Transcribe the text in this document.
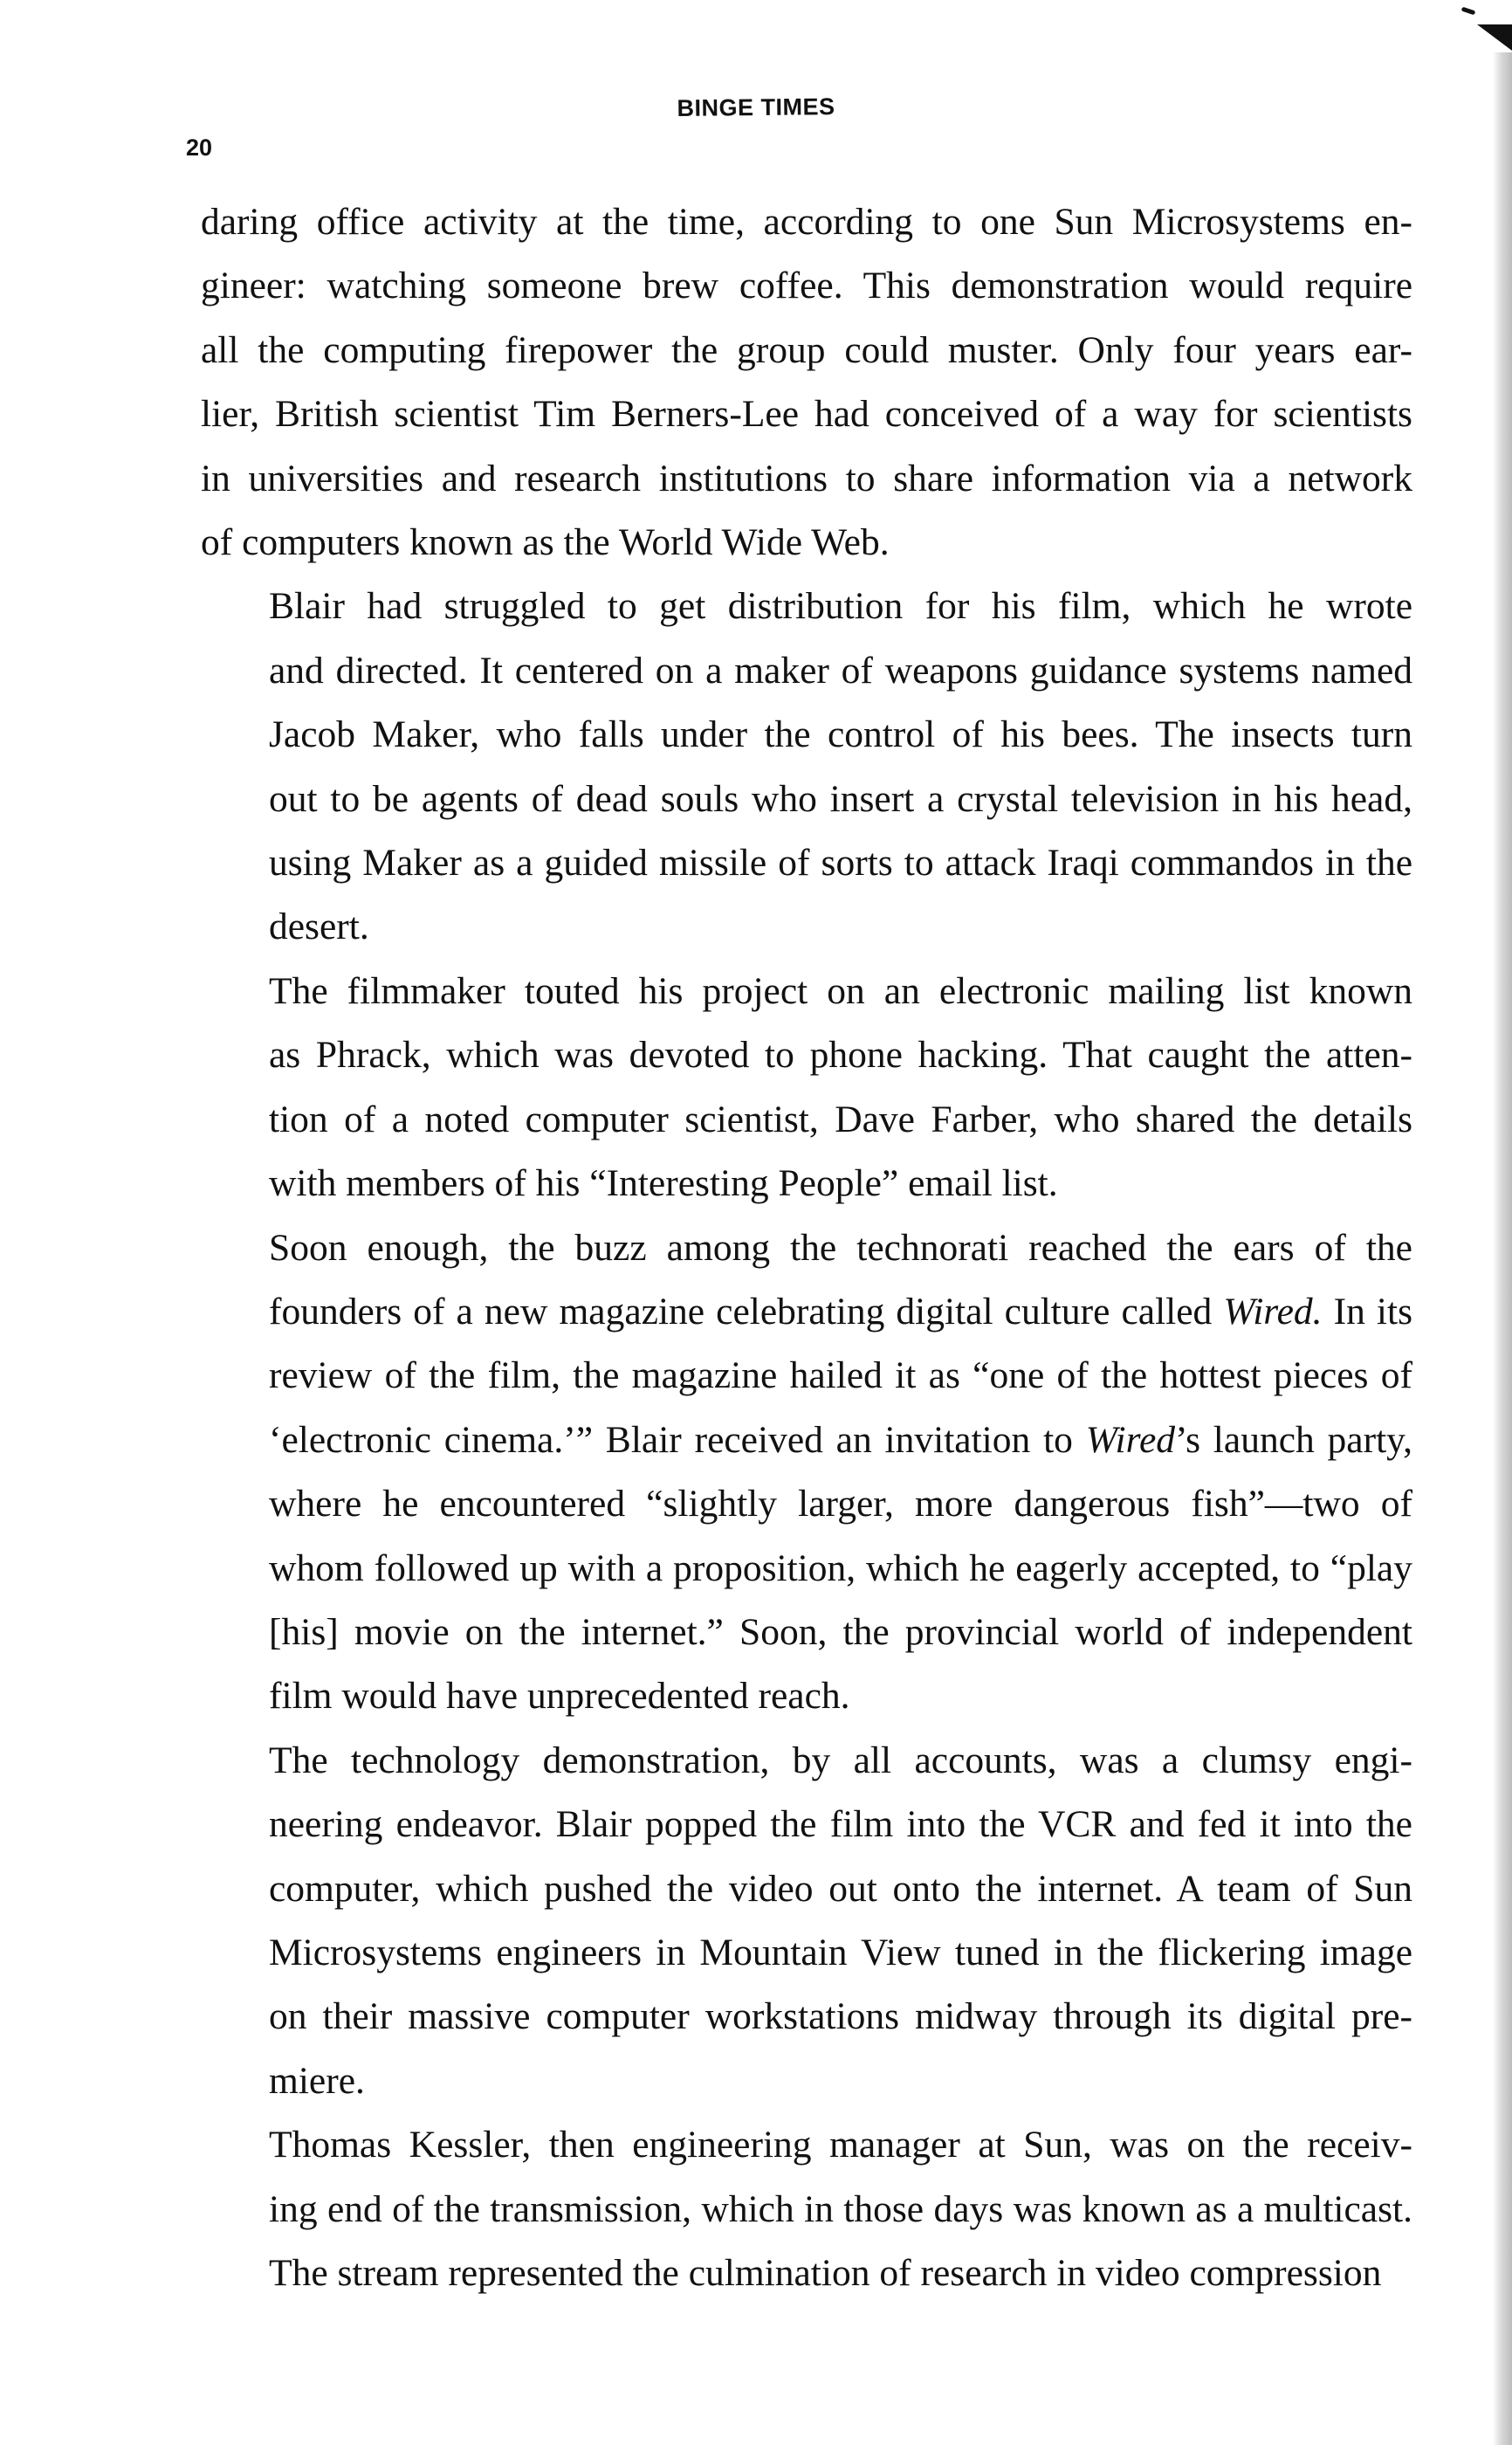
BINGE TIMES
20

daring office activity at the time, according to one Sun Microsystems en-
gineer: watching someone brew coffee. This demonstration would require
all the computing firepower the group could muster. Only four years ear-
lier, British scientist Tim Berners-Lee had conceived of a way for scientists
in universities and research institutions to share information via a network
of computers known as the World Wide Web.

Blair had struggled to get distribution for his film, which he wrote
and directed. It centered on a maker of weapons guidance systems named
Jacob Maker, who falls under the control of his bees. The insects turn
out to be agents of dead souls who insert a crystal television in his head,
using Maker as a guided missile of sorts to attack Iraqi commandos in the
desert.

The filmmaker touted his project on an electronic mailing list known
as Phrack, which was devoted to phone hacking. That caught the atten-
tion of a noted computer scientist, Dave Farber, who shared the details
with members of his “Interesting People” email list.

Soon enough, the buzz among the technorati reached the ears of the
founders of a new magazine celebrating digital culture called Wired. In its
review of the film, the magazine hailed it as “one of the hottest pieces of
‘electronic cinema.’” Blair received an invitation to Wired’s launch party,
where he encountered “slightly larger, more dangerous fish”—two of
whom followed up with a proposition, which he eagerly accepted, to “play
[his] movie on the internet.” Soon, the provincial world of independent
film would have unprecedented reach.

The technology demonstration, by all accounts, was a clumsy engi-
neering endeavor. Blair popped the film into the VCR and fed it into the
computer, which pushed the video out onto the internet. A team of Sun
Microsystems engineers in Mountain View tuned in the flickering image
on their massive computer workstations midway through its digital pre-
miere.

Thomas Kessler, then engineering manager at Sun, was on the receiv-
ing end of the transmission, which in those days was known as a multicast.
The stream represented the culmination of research in video compression
